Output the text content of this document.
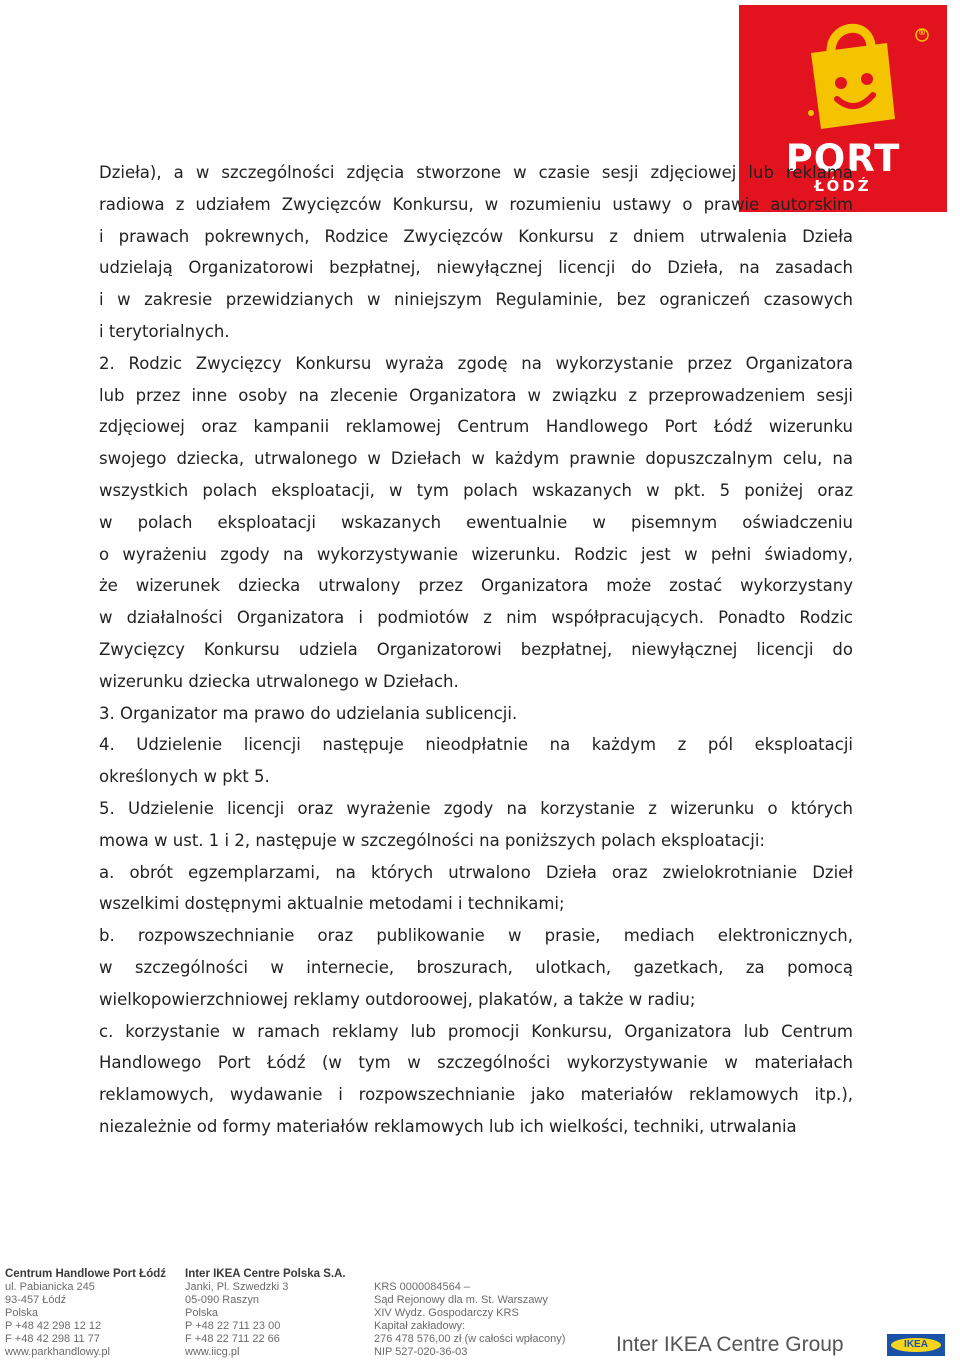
®
PORT
ŁÓDŹ
Dzieła), a w szczególności zdjęcia stworzone w czasie sesji zdjęciowej lub reklama
radiowa z udziałem Zwycięzców Konkursu, w rozumieniu ustawy o prawie autorskim
i prawach pokrewnych, Rodzice Zwycięzców Konkursu z dniem utrwalenia Dzieła
udzielają Organizatorowi bezpłatnej, niewyłącznej licencji do Dzieła, na zasadach
i w zakresie przewidzianych w niniejszym Regulaminie, bez ograniczeń czasowych
i terytorialnych.
2. Rodzic Zwycięzcy Konkursu wyraża zgodę na wykorzystanie przez Organizatora
lub przez inne osoby na zlecenie Organizatora w związku z przeprowadzeniem sesji
zdjęciowej oraz kampanii reklamowej Centrum Handlowego Port Łódź wizerunku
swojego dziecka, utrwalonego w Dziełach w każdym prawnie dopuszczalnym celu, na
wszystkich polach eksploatacji, w tym polach wskazanych w pkt. 5 poniżej oraz
w polach eksploatacji wskazanych ewentualnie w pisemnym oświadczeniu
o wyrażeniu zgody na wykorzystywanie wizerunku. Rodzic jest w pełni świadomy,
że wizerunek dziecka utrwalony przez Organizatora może zostać wykorzystany
w działalności Organizatora i podmiotów z nim współpracujących. Ponadto Rodzic
Zwycięzcy Konkursu udziela Organizatorowi bezpłatnej, niewyłącznej licencji do
wizerunku dziecka utrwalonego w Dziełach.
3. Organizator ma prawo do udzielania sublicencji.
4. Udzielenie licencji następuje nieodpłatnie na każdym z pól eksploatacji
określonych w pkt 5.
5. Udzielenie licencji oraz wyrażenie zgody na korzystanie z wizerunku o których
mowa w ust. 1 i 2, następuje w szczególności na poniższych polach eksploatacji:
a. obrót egzemplarzami, na których utrwalono Dzieła oraz zwielokrotnianie Dzieł
wszelkimi dostępnymi aktualnie metodami i technikami;
b. rozpowszechnianie oraz publikowanie w prasie, mediach elektronicznych,
w szczególności w internecie, broszurach, ulotkach, gazetkach, za pomocą
wielkopowierzchniowej reklamy outdoroowej, plakatów, a także w radiu;
c. korzystanie w ramach reklamy lub promocji Konkursu, Organizatora lub Centrum
Handlowego Port Łódź (w tym w szczególności wykorzystywanie w materiałach
reklamowych, wydawanie i rozpowszechnianie jako materiałów reklamowych itp.),
niezależnie od formy materiałów reklamowych lub ich wielkości, techniki, utrwalania
Centrum Handlowe Port Łódź
ul. Pabianicka 245
93-457 Łódź
Polska
P +48 42 298 12 12
F +48 42 298 11 77
www.parkhandlowy.pl
Inter IKEA Centre Polska S.A.
Janki, Pl. Szwedzki 3
05-090 Raszyn
Polska
P +48 22 711 23 00
F +48 22 711 22 66
www.iicg.pl
KRS 0000084564 –
Sąd Rejonowy dla m. St. Warszawy
XIV Wydz. Gospodarczy KRS
Kapitał zakładowy:
276 478 576,00 zł (w całości wpłacony)
NIP 527-020-36-03	Inter IKEA Centre Group	IKEA
